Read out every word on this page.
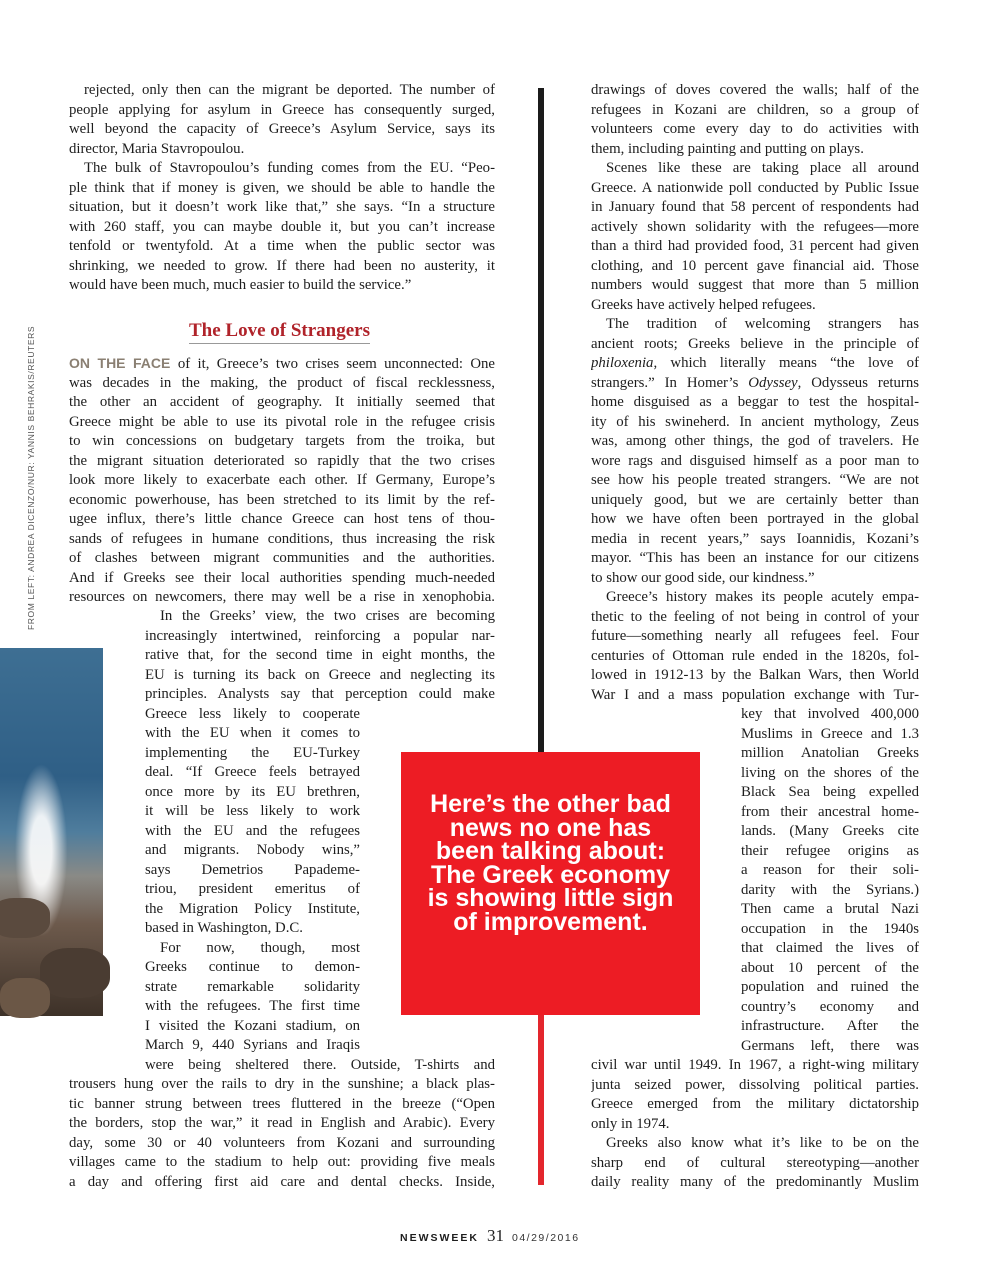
FROM LEFT: ANDREA DICENZO/NUR: YANNIS BEHRAKIS/REUTERS	The Love of Strangers
Here’s the other bad news no one has been talking about: The Greek economy is showing little sign of improvement.
rejected, only then can the migrant be deported. The number of
people applying for asylum in Greece has consequently surged,
well beyond the capacity of Greece’s Asylum Service, says its
director, Maria Stavropoulou.
The bulk of Stavropoulou’s funding comes from the EU. “Peo-
ple think that if money is given, we should be able to handle the
situation, but it doesn’t work like that,” she says. “In a structure
with 260 staff, you can maybe double it, but you can’t increase
tenfold or twentyfold. At a time when the public sector was
shrinking, we needed to grow. If there had been no austerity, it
would have been much, much easier to build the service.”
ON THE FACE of it, Greece’s two crises seem unconnected: One
was decades in the making, the product of fiscal recklessness,
the other an accident of geography. It initially seemed that
Greece might be able to use its pivotal role in the refugee crisis
to win concessions on budgetary targets from the troika, but
the migrant situation deteriorated so rapidly that the two crises
look more likely to exacerbate each other. If Germany, Europe’s
economic powerhouse, has been stretched to its limit by the ref-
ugee influx, there’s little chance Greece can host tens of thou-
sands of refugees in humane conditions, thus increasing the risk
of clashes between migrant communities and the authorities.
And if Greeks see their local authorities spending much-needed
resources on newcomers, there may well be a rise in xenophobia.
In the Greeks’ view, the two crises are becoming
increasingly intertwined, reinforcing a popular nar-
rative that, for the second time in eight months, the
EU is turning its back on Greece and neglecting its
principles. Analysts say that perception could make
Greece less likely to cooperate
with the EU when it comes to
implementing the EU-Turkey
deal. “If Greece feels betrayed
once more by its EU brethren,
it will be less likely to work
with the EU and the refugees
and migrants. Nobody wins,”
says Demetrios Papademe-
triou, president emeritus of
the Migration Policy Institute,
based in Washington, D.C.
For now, though, most
Greeks continue to demon-
strate remarkable solidarity
with the refugees. The first time
I visited the Kozani stadium, on
March 9, 440 Syrians and Iraqis
were being sheltered there. Outside, T-shirts and
trousers hung over the rails to dry in the sunshine; a black plas-
tic banner strung between trees fluttered in the breeze (“Open
the borders, stop the war,” it read in English and Arabic). Every
day, some 30 or 40 volunteers from Kozani and surrounding
villages came to the stadium to help out: providing five meals
a day and offering first aid care and dental checks. Inside,
drawings of doves covered the walls; half of the
refugees in Kozani are children, so a group of
volunteers come every day to do activities with
them, including painting and putting on plays.
Scenes like these are taking place all around
Greece. A nationwide poll conducted by Public Issue
in January found that 58 percent of respondents had
actively shown solidarity with the refugees—more
than a third had provided food, 31 percent had given
clothing, and 10 percent gave financial aid. Those
numbers would suggest that more than 5 million
Greeks have actively helped refugees.
The tradition of welcoming strangers has
ancient roots; Greeks believe in the principle of
philoxenia, which literally means “the love of
strangers.” In Homer’s Odyssey, Odysseus returns
home disguised as a beggar to test the hospital-
ity of his swineherd. In ancient mythology, Zeus
was, among other things, the god of travelers. He
wore rags and disguised himself as a poor man to
see how his people treated strangers. “We are not
uniquely good, but we are certainly better than
how we have often been portrayed in the global
media in recent years,” says Ioannidis, Kozani’s
mayor. “This has been an instance for our citizens
to show our good side, our kindness.”
Greece’s history makes its people acutely empa-
thetic to the feeling of not being in control of your
future—something nearly all refugees feel. Four
centuries of Ottoman rule ended in the 1820s, fol-
lowed in 1912-13 by the Balkan Wars, then World
War I and a mass population exchange with Tur-
key that involved 400,000
Muslims in Greece and 1.3
million Anatolian Greeks
living on the shores of the
Black Sea being expelled
from their ancestral home-
lands. (Many Greeks cite
their refugee origins as
a reason for their soli-
darity with the Syrians.)
Then came a brutal Nazi
occupation in the 1940s
that claimed the lives of
about 10 percent of the
population and ruined the
country’s economy and
infrastructure. After the
Germans left, there was
civil war until 1949. In 1967, a right-wing military
junta seized power, dissolving political parties.
Greece emerged from the military dictatorship
only in 1974.
Greeks also know what it’s like to be on the
sharp end of cultural stereotyping—another
daily reality many of the predominantly Muslim
NEWSWEEK 31 04/29/2016
